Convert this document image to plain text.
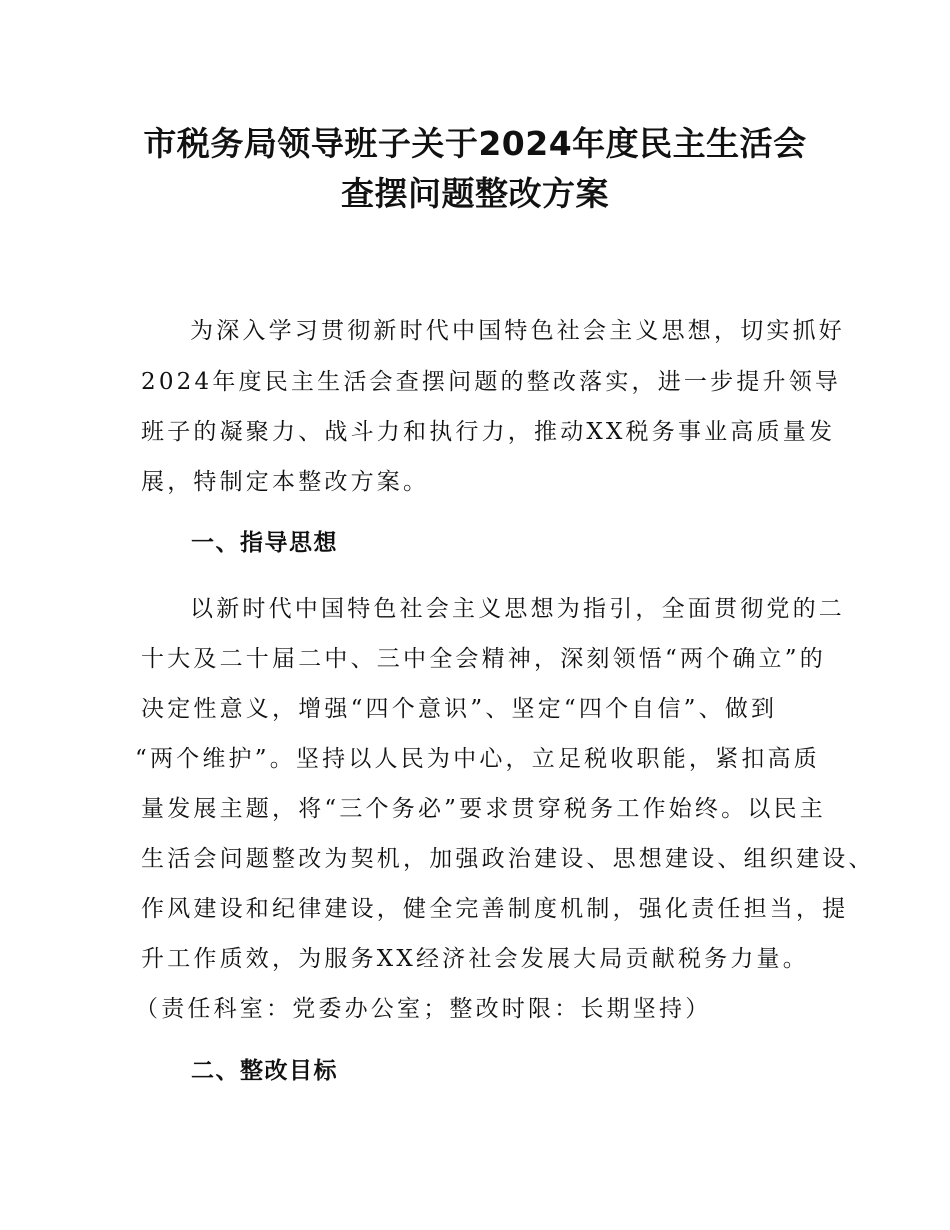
市税务局领导班子关于2024年度民主生活会
查摆问题整改方案
为深入学习贯彻新时代中国特色社会主义思想，切实抓好
2024年度民主生活会查摆问题的整改落实，进一步提升领导
班子的凝聚力、战斗力和执行力，推动XX税务事业高质量发
展，特制定本整改方案。
一、指导思想
以新时代中国特色社会主义思想为指引，全面贯彻党的二
十大及二十届二中、三中全会精神，深刻领悟“两个确立”的
决定性意义，增强“四个意识”、坚定“四个自信”、做到
“两个维护”。坚持以人民为中心，立足税收职能，紧扣高质
量发展主题，将“三个务必”要求贯穿税务工作始终。以民主
生活会问题整改为契机，加强政治建设、思想建设、组织建设、
作风建设和纪律建设，健全完善制度机制，强化责任担当，提
升工作质效，为服务XX经济社会发展大局贡献税务力量。
（责任科室：党委办公室；整改时限：长期坚持）
二、整改目标
